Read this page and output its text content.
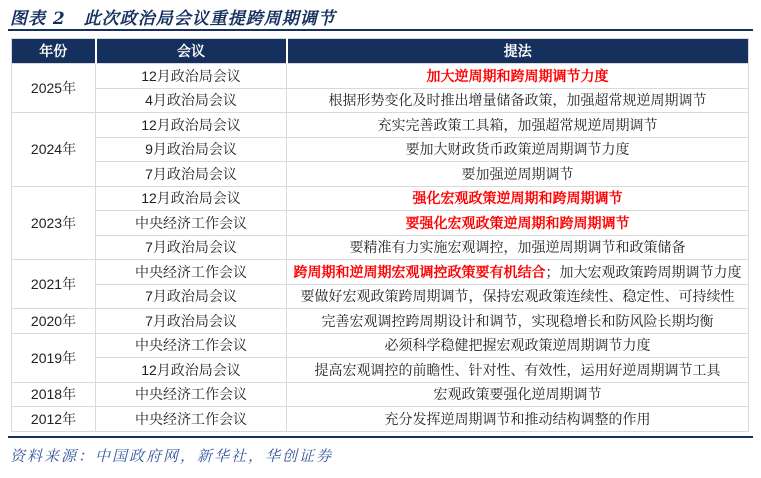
图表 2　此次政治局会议重提跨周期调节
年份	会议	提法
2025年	12月政治局会议	加大逆周期和跨周期调节力度
	4月政治局会议	根据形势变化及时推出增量储备政策，加强超常规逆周期调节
2024年	12月政治局会议	充实完善政策工具箱，加强超常规逆周期调节
	9月政治局会议	要加大财政货币政策逆周期调节力度
	7月政治局会议	要加强逆周期调节
2023年	12月政治局会议	强化宏观政策逆周期和跨周期调节
	中央经济工作会议	要强化宏观政策逆周期和跨周期调节
	7月政治局会议	要精准有力实施宏观调控，加强逆周期调节和政策储备
2021年	中央经济工作会议	跨周期和逆周期宏观调控政策要有机结合；加大宏观政策跨周期调节力度
	7月政治局会议	要做好宏观政策跨周期调节，保持宏观政策连续性、稳定性、可持续性
2020年	7月政治局会议	完善宏观调控跨周期设计和调节，实现稳增长和防风险长期均衡
2019年	中央经济工作会议	必须科学稳健把握宏观政策逆周期调节力度
	12月政治局会议	提高宏观调控的前瞻性、针对性、有效性，运用好逆周期调节工具
2018年	中央经济工作会议	宏观政策要强化逆周期调节
2012年	中央经济工作会议	充分发挥逆周期调节和推动结构调整的作用
资料来源：中国政府网，新华社，华创证券
